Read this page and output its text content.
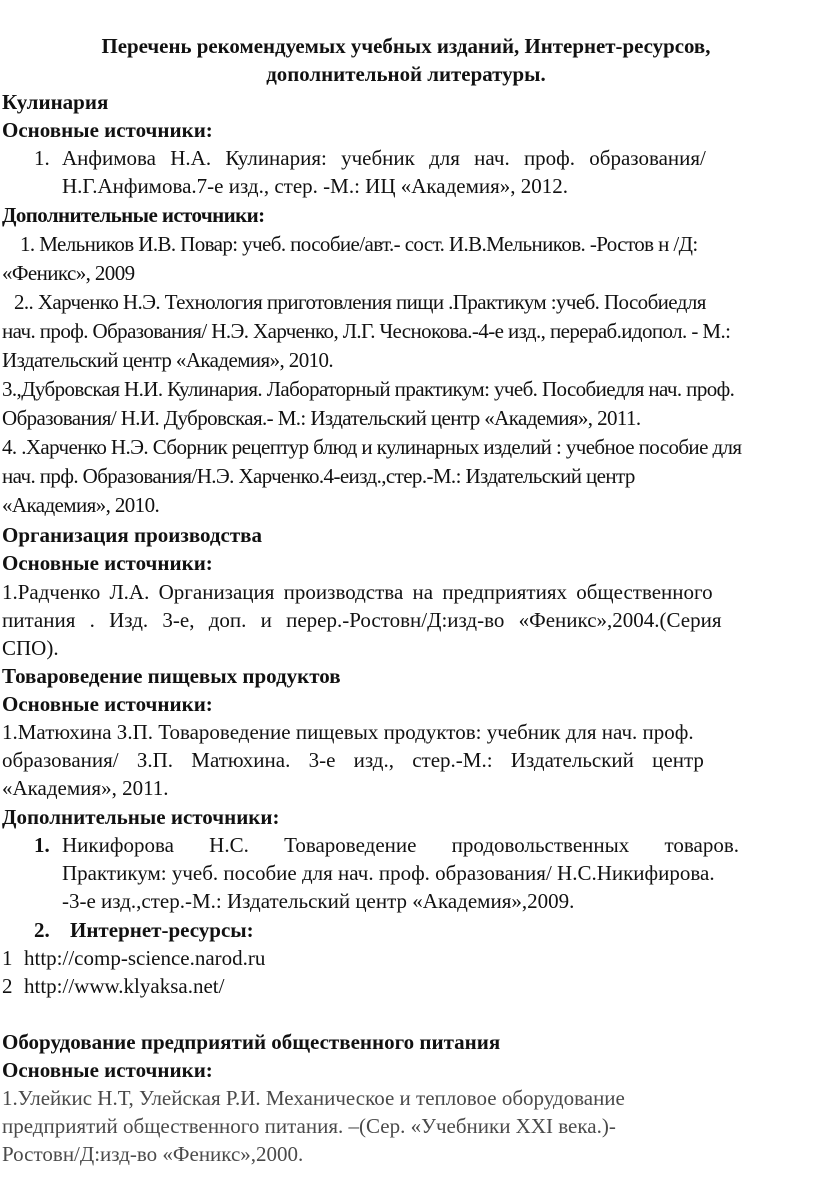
Перечень рекомендуемых учебных изданий, Интернет-ресурсов,

дополнительной литературы.

Кулинария

Основные источники:

1. Анфимова Н.А. Кулинария: учебник для нач. проф. образования/

Н.Г.Анфимова.7-е изд., стер. -М.: ИЦ «Академия», 2012.

Дополнительные источники:

1. Мельников И.В. Повар: учеб. пособие/авт.- сост. И.В.Мельников. -Ростов н /Д:

«Феникс», 2009

2.. Харченко Н.Э. Технология приготовления пищи .Практикум :учеб. Пособиедля

нач. проф. Образования/ Н.Э. Харченко, Л.Г. Чеснокова.-4-е изд., перераб.идопол. - М.:

Издательский центр «Академия», 2010.

3.,Дубровская Н.И. Кулинария. Лабораторный практикум: учеб. Пособиедля нач. проф.

Образования/ Н.И. Дубровская.- М.: Издательский центр «Академия», 2011.

4. .Харченко Н.Э. Сборник рецептур блюд и кулинарных изделий : учебное пособие для

нач. прф. Образования/Н.Э. Харченко.4-еизд.,стер.-М.: Издательский центр

«Академия», 2010.

Организация производства

Основные источники:

1.Радченко Л.А. Организация производства на предприятиях общественного

питания . Изд. 3-е, доп. и перер.-Ростовн/Д:изд-во «Феникс»,2004.(Серия

СПО).

Товароведение пищевых продуктов

Основные источники:

1.Матюхина З.П. Товароведение пищевых продуктов: учебник для нач. проф.

образования/ З.П. Матюхина. 3-е изд., стер.-М.: Издательский центр

«Академия», 2011.

Дополнительные источники:

1. Никифорова Н.С. Товароведение продовольственных товаров.

Практикум: учеб. пособие для нач. проф. образования/ Н.С.Никифирова.

-3-е изд.,стер.-М.: Издательский центр «Академия»,2009.

2. Интернет-ресурсы:

1 http://comp-science.narod.ru

2 http://www.klyaksa.net/

Оборудование предприятий общественного питания

Основные источники:

1.Улейкис Н.Т, Улейская Р.И. Механическое и тепловое оборудование

предприятий общественного питания. –(Сер. «Учебники XXI века.)-

Ростовн/Д:изд-во «Феникс»,2000.
